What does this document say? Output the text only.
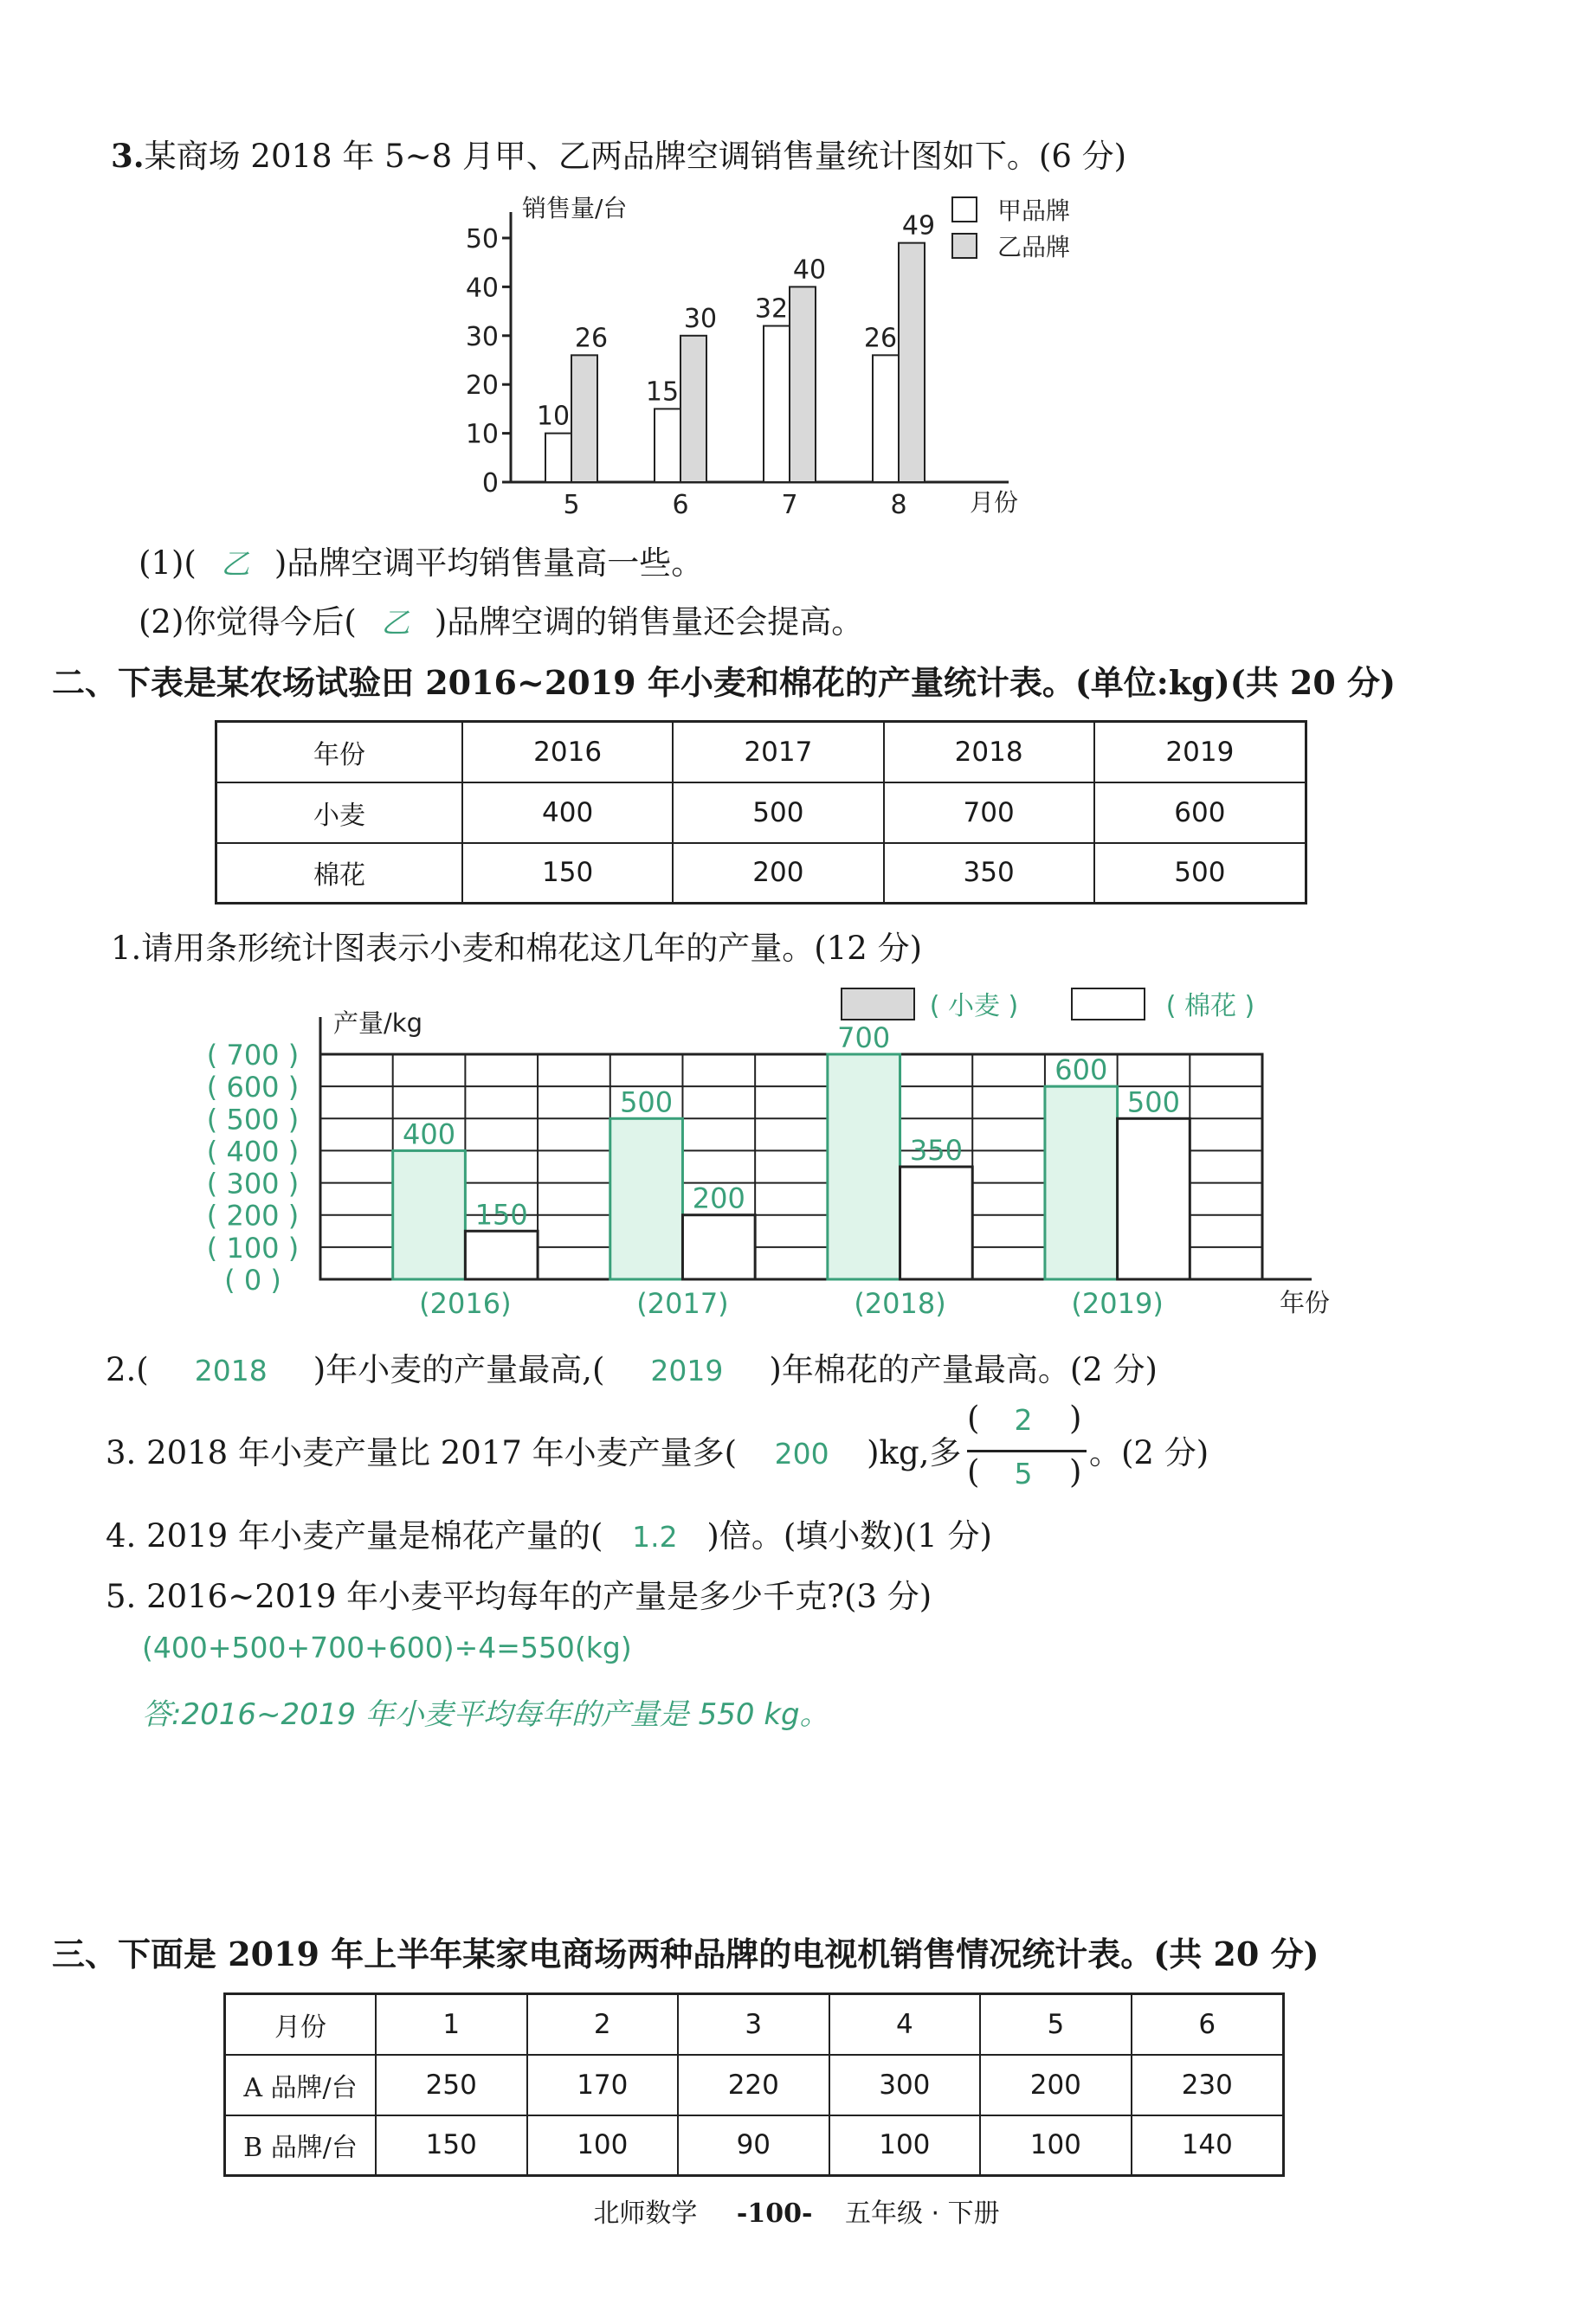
3.某商场 2018 年 5~8 月甲、乙两品牌空调销售量统计图如下。(6 分)
销售量/台
月份
0
10
20
30
40
50
10
26
5
15
30
6
32
40
7
26
49
8
甲品牌
乙品牌
(1)( 乙 )品牌空调平均销售量高一些。
(2)你觉得今后( 乙 )品牌空调的销售量还会提高。
二、下表是某农场试验田 2016~2019 年小麦和棉花的产量统计表。(单位:kg)(共 20 分)
年份	2016	2017	2018	2019
小麦	400	500	700	600
棉花	150	200	350	500
1.请用条形统计图表示小麦和棉花这几年的产量。(12 分)
产量/kg
年份
( 0 )
( 100 )
( 200 )
( 300 )
( 400 )
( 500 )
( 600 )
( 700 )
400
150
(2016)
500
200
(2017)
700
350
(2018)
600
500
(2019)
( 小麦 )	( 棉花 )
2.( 2018 )年小麦的产量最高,( 2019 )年棉花的产量最高。(2 分)
3. 2018 年小麦产量比 2017 年小麦产量多( 200 )kg,多
(	2	)
(	5	)
。(2 分)
4. 2019 年小麦产量是棉花产量的( 1.2 )倍。(填小数)(1 分)
5. 2016~2019 年小麦平均每年的产量是多少千克?(3 分)
(400+500+700+600)÷4=550(kg)
答:2016~2019 年小麦平均每年的产量是 550 kg。
三、下面是 2019 年上半年某家电商场两种品牌的电视机销售情况统计表。(共 20 分)
月份	1	2	3	4	5	6
A 品牌/台	250	170	220	300	200	230
B 品牌/台	150	100	90	100	100	140
北师数学 -100- 五年级 · 下册
